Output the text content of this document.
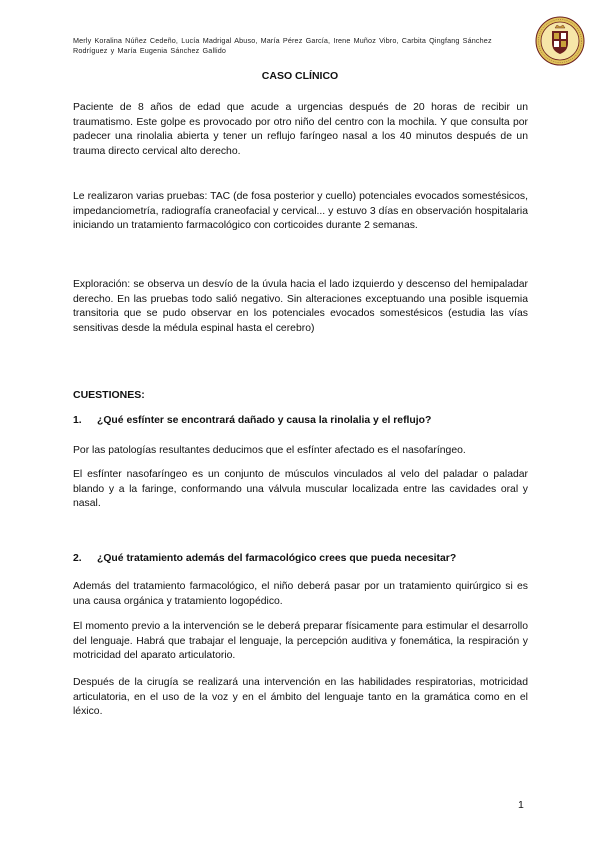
Merly Koralina Núñez Cedeño, Lucía Madrigal Abuso, María Pérez García, Irene Muñoz Vibro, Carbita Qingfang Sánchez Rodríguez y María Eugenia Sánchez Gallido
CASO CLÍNICO

Paciente de 8 años de edad que acude a urgencias después de 20 horas de recibir un traumatismo. Este golpe es provocado por otro niño del centro con la mochila. Y que consulta por padecer una rinolalia abierta y tener un reflujo faríngeo nasal a los 40 minutos después de un trauma directo cervical alto derecho.

Le realizaron varias pruebas: TAC (de fosa posterior y cuello) potenciales evocados somestésicos, impedanciometría, radiografía craneofacial y cervical... y estuvo 3 días en observación hospitalaria iniciando un tratamiento farmacológico con corticoides durante 2 semanas.

Exploración: se observa un desvío de la úvula hacia el lado izquierdo y descenso del hemipaladar derecho. En las pruebas todo salió negativo. Sin alteraciones exceptuando una posible isquemia transitoria que se pudo observar en los potenciales evocados somestésicos (estudia las vías sensitivas desde la médula espinal hasta el cerebro)

CUESTIONES:
1. ¿Qué esfínter se encontrará dañado y causa la rinolalia y el reflujo?

Por las patologías resultantes deducimos que el esfínter afectado es el nasofaríngeo.

El esfínter nasofaríngeo es un conjunto de músculos vinculados al velo del paladar o paladar blando y a la faringe, conformando una válvula muscular localizada entre las cavidades oral y nasal.

2. ¿Qué tratamiento además del farmacológico crees que pueda necesitar?

Además del tratamiento farmacológico, el niño deberá pasar por un tratamiento quirúrgico si es una causa orgánica y tratamiento logopédico.

El momento previo a la intervención se le deberá preparar físicamente para estimular el desarrollo del lenguaje. Habrá que trabajar el lenguaje, la percepción auditiva y fonemática, la respiración y motricidad del aparato articulatorio.

Después de la cirugía se realizará una intervención en las habilidades respiratorias, motricidad articulatoria, en el uso de la voz y en el ámbito del lenguaje tanto en la gramática como en el léxico.

1
